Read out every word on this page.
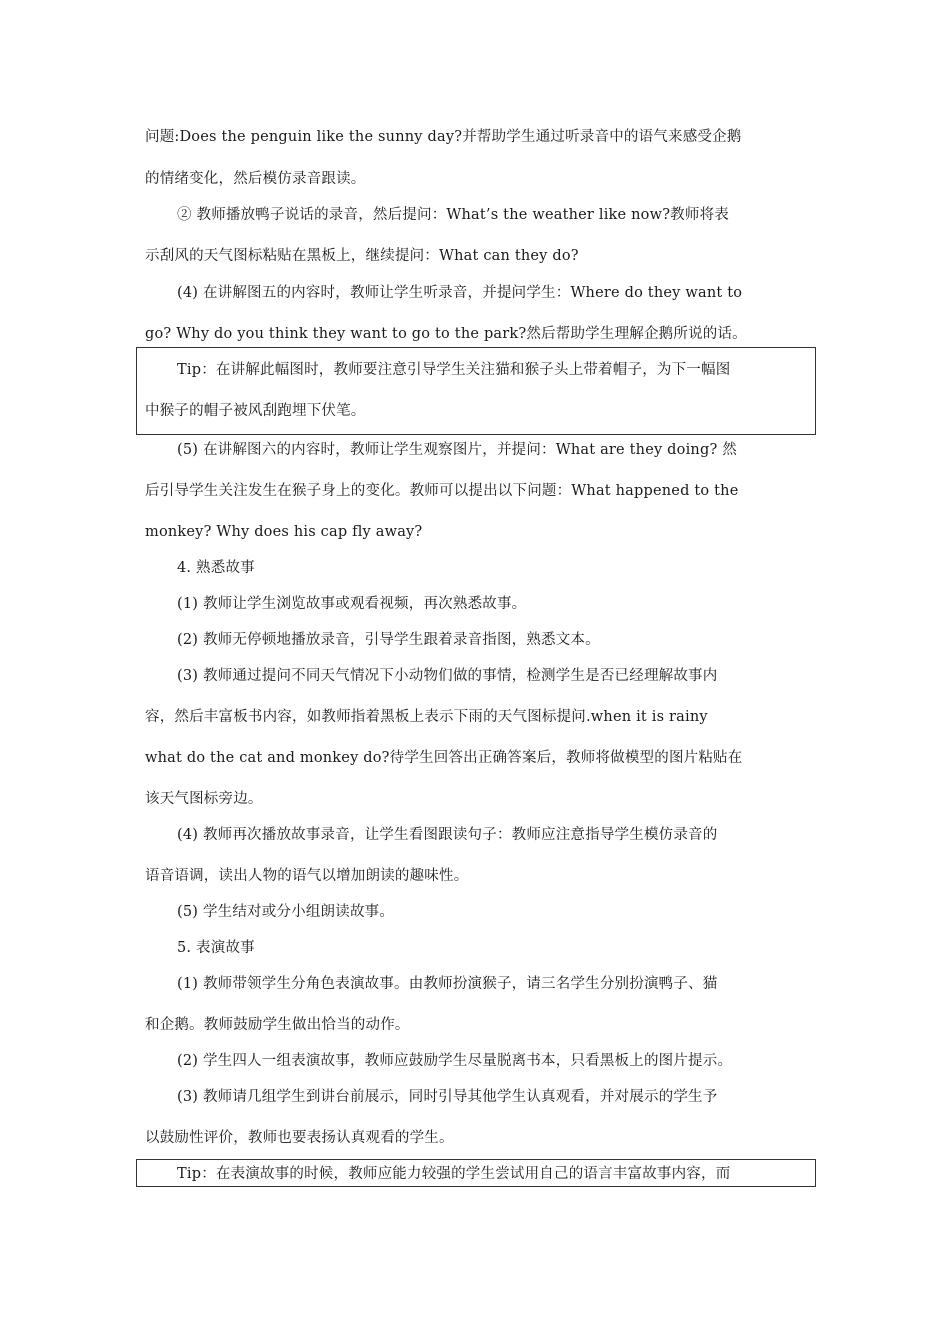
问题:Does the penguin like the sunny day?并帮助学生通过听录音中的语气来感受企鹅
的情绪变化，然后模仿录音跟读。
② 教师播放鸭子说话的录音，然后提问：What’s the weather like now?教师将表
示刮风的天气图标粘贴在黑板上，继续提问：What can they do?
(4) 在讲解图五的内容时，教师让学生听录音，并提问学生：Where do they want to
go? Why do you think they want to go to the park?然后帮助学生理解企鹅所说的话。
Tip：在讲解此幅图时，教师要注意引导学生关注猫和猴子头上带着帽子，为下一幅图
中猴子的帽子被风刮跑埋下伏笔。
(5) 在讲解图六的内容时，教师让学生观察图片，并提问：What are they doing? 然
后引导学生关注发生在猴子身上的变化。教师可以提出以下问题：What happened to the
monkey? Why does his cap fly away?
4. 熟悉故事
(1) 教师让学生浏览故事或观看视频，再次熟悉故事。
(2) 教师无停顿地播放录音，引导学生跟着录音指图，熟悉文本。
(3) 教师通过提问不同天气情况下小动物们做的事情，检测学生是否已经理解故事内
容，然后丰富板书内容，如教师指着黑板上表示下雨的天气图标提问.when it is rainy
what do the cat and monkey do?待学生回答出正确答案后，教师将做模型的图片粘贴在
该天气图标旁边。
(4) 教师再次播放故事录音，让学生看图跟读句子：教师应注意指导学生模仿录音的
语音语调，读出人物的语气以增加朗读的趣味性。
(5) 学生结对或分小组朗读故事。
5. 表演故事
(1) 教师带领学生分角色表演故事。由教师扮演猴子，请三名学生分别扮演鸭子、猫
和企鹅。教师鼓励学生做出恰当的动作。
(2) 学生四人一组表演故事，教师应鼓励学生尽量脱离书本，只看黑板上的图片提示。
(3) 教师请几组学生到讲台前展示，同时引导其他学生认真观看，并对展示的学生予
以鼓励性评价，教师也要表扬认真观看的学生。
Tip：在表演故事的时候，教师应能力较强的学生尝试用自己的语言丰富故事内容，而
